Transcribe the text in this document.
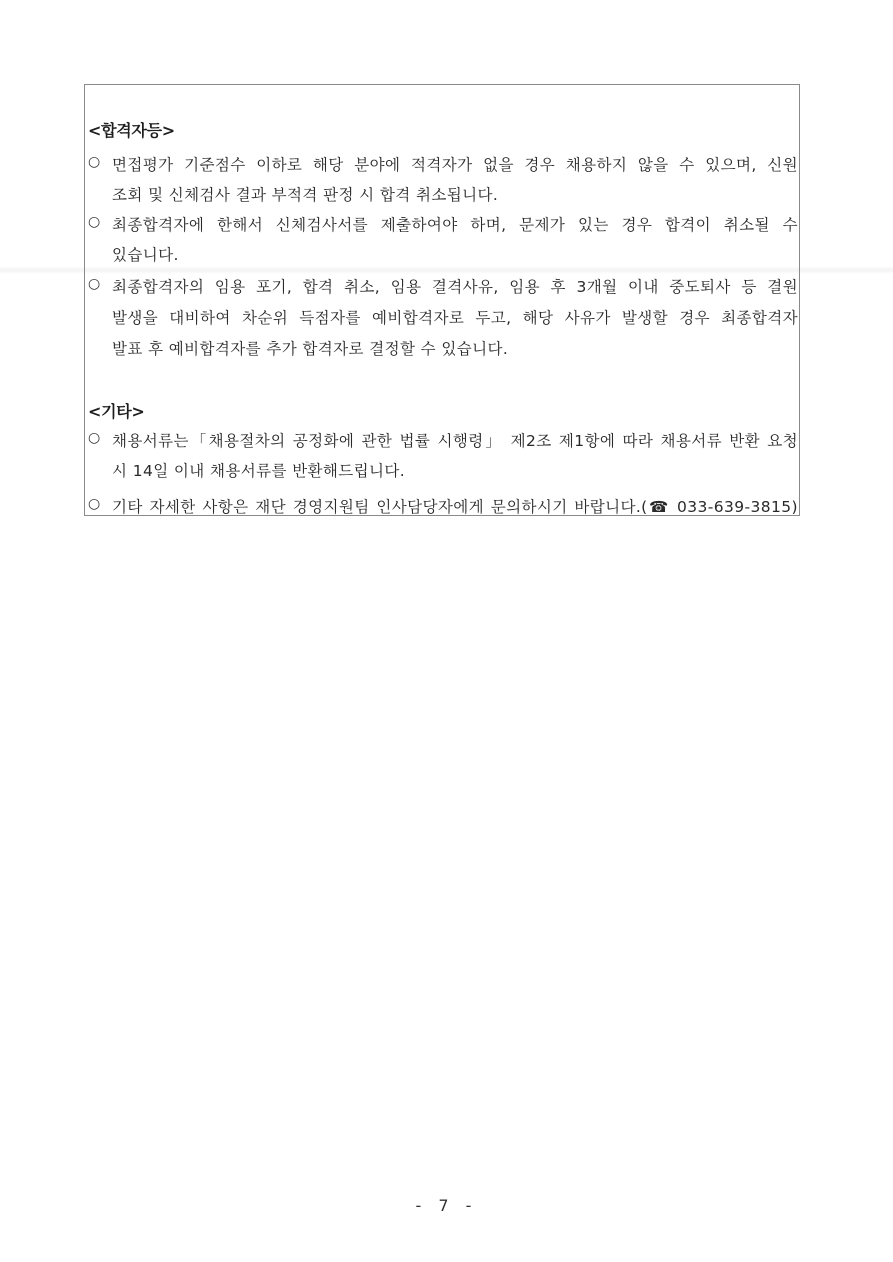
<합격자등>
○ 면접평가 기준점수 이하로 해당 분야에 적격자가 없을 경우 채용하지 않을 수 있으며, 신원
조회 및 신체검사 결과 부적격 판정 시 합격 취소됩니다.
○ 최종합격자에 한해서 신체검사서를 제출하여야 하며, 문제가 있는 경우 합격이 취소될 수
있습니다.
○ 최종합격자의 임용 포기, 합격 취소, 임용 결격사유, 임용 후 3개월 이내 중도퇴사 등 결원
발생을 대비하여 차순위 득점자를 예비합격자로 두고, 해당 사유가 발생할 경우 최종합격자
발표 후 예비합격자를 추가 합격자로 결정할 수 있습니다.
<기타>
○ 채용서류는「채용절차의 공정화에 관한 법률 시행령」 제2조 제1항에 따라 채용서류 반환 요청
시 14일 이내 채용서류를 반환해드립니다.
○ 기타 자세한 사항은 재단 경영지원팀 인사담당자에게 문의하시기 바랍니다.(☎ 033-639-3815)
- 7 -
